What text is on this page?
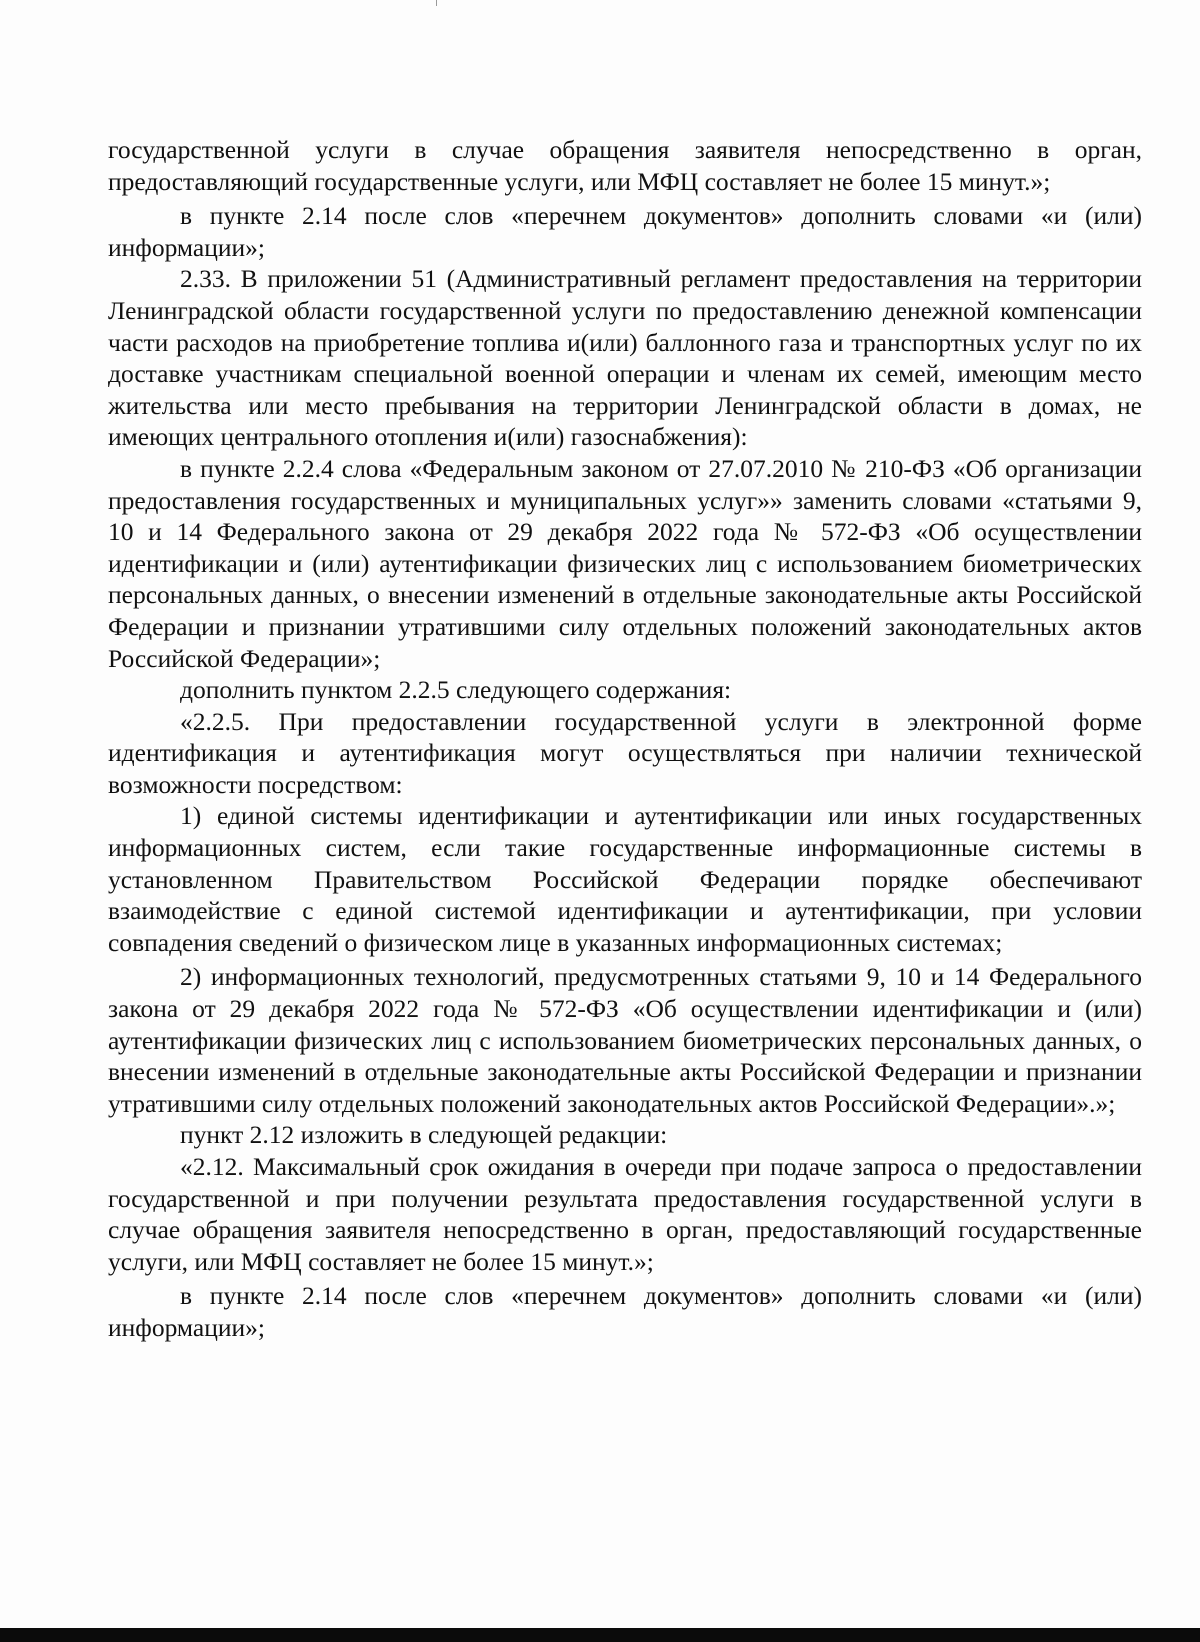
государственной услуги в случае обращения заявителя непосредственно в орган, предоставляющий государственные услуги, или МФЦ составляет не более 15 минут.»;

в пункте 2.14 после слов «перечнем документов» дополнить словами «и (или) информации»;

2.33. В приложении 51 (Административный регламент предоставления на территории Ленинградской области государственной услуги по предоставлению денежной компенсации части расходов на приобретение топлива и(или) баллонного газа и транспортных услуг по их доставке участникам специальной военной операции и членам их семей, имеющим место жительства или место пребывания на территории Ленинградской области в домах, не имеющих центрального отопления и(или) газоснабжения):

в пункте 2.2.4 слова «Федеральным законом от 27.07.2010 № 210-ФЗ «Об организации предоставления государственных и муниципальных услуг»» заменить словами «статьями 9, 10 и 14 Федерального закона от 29 декабря 2022 года № 572-ФЗ «Об осуществлении идентификации и (или) аутентификации физических лиц с использованием биометрических персональных данных, о внесении изменений в отдельные законодательные акты Российской Федерации и признании утратившими силу отдельных положений законодательных актов Российской Федерации»;

дополнить пунктом 2.2.5 следующего содержания:

«2.2.5. При предоставлении государственной услуги в электронной форме идентификация и аутентификация могут осуществляться при наличии технической возможности посредством:

1) единой системы идентификации и аутентификации или иных государственных информационных систем, если такие государственные информационные системы в установленном Правительством Российской Федерации порядке обеспечивают взаимодействие с единой системой идентификации и аутентификации, при условии совпадения сведений о физическом лице в указанных информационных системах;

2) информационных технологий, предусмотренных статьями 9, 10 и 14 Федерального закона от 29 декабря 2022 года № 572-ФЗ «Об осуществлении идентификации и (или) аутентификации физических лиц с использованием биометрических персональных данных, о внесении изменений в отдельные законодательные акты Российской Федерации и признании утратившими силу отдельных положений законодательных актов Российской Федерации».»;

пункт 2.12 изложить в следующей редакции:

«2.12. Максимальный срок ожидания в очереди при подаче запроса о предоставлении государственной и при получении результата предоставления государственной услуги в случае обращения заявителя непосредственно в орган, предоставляющий государственные услуги, или МФЦ составляет не более 15 минут.»;

в пункте 2.14 после слов «перечнем документов» дополнить словами «и (или) информации»;
